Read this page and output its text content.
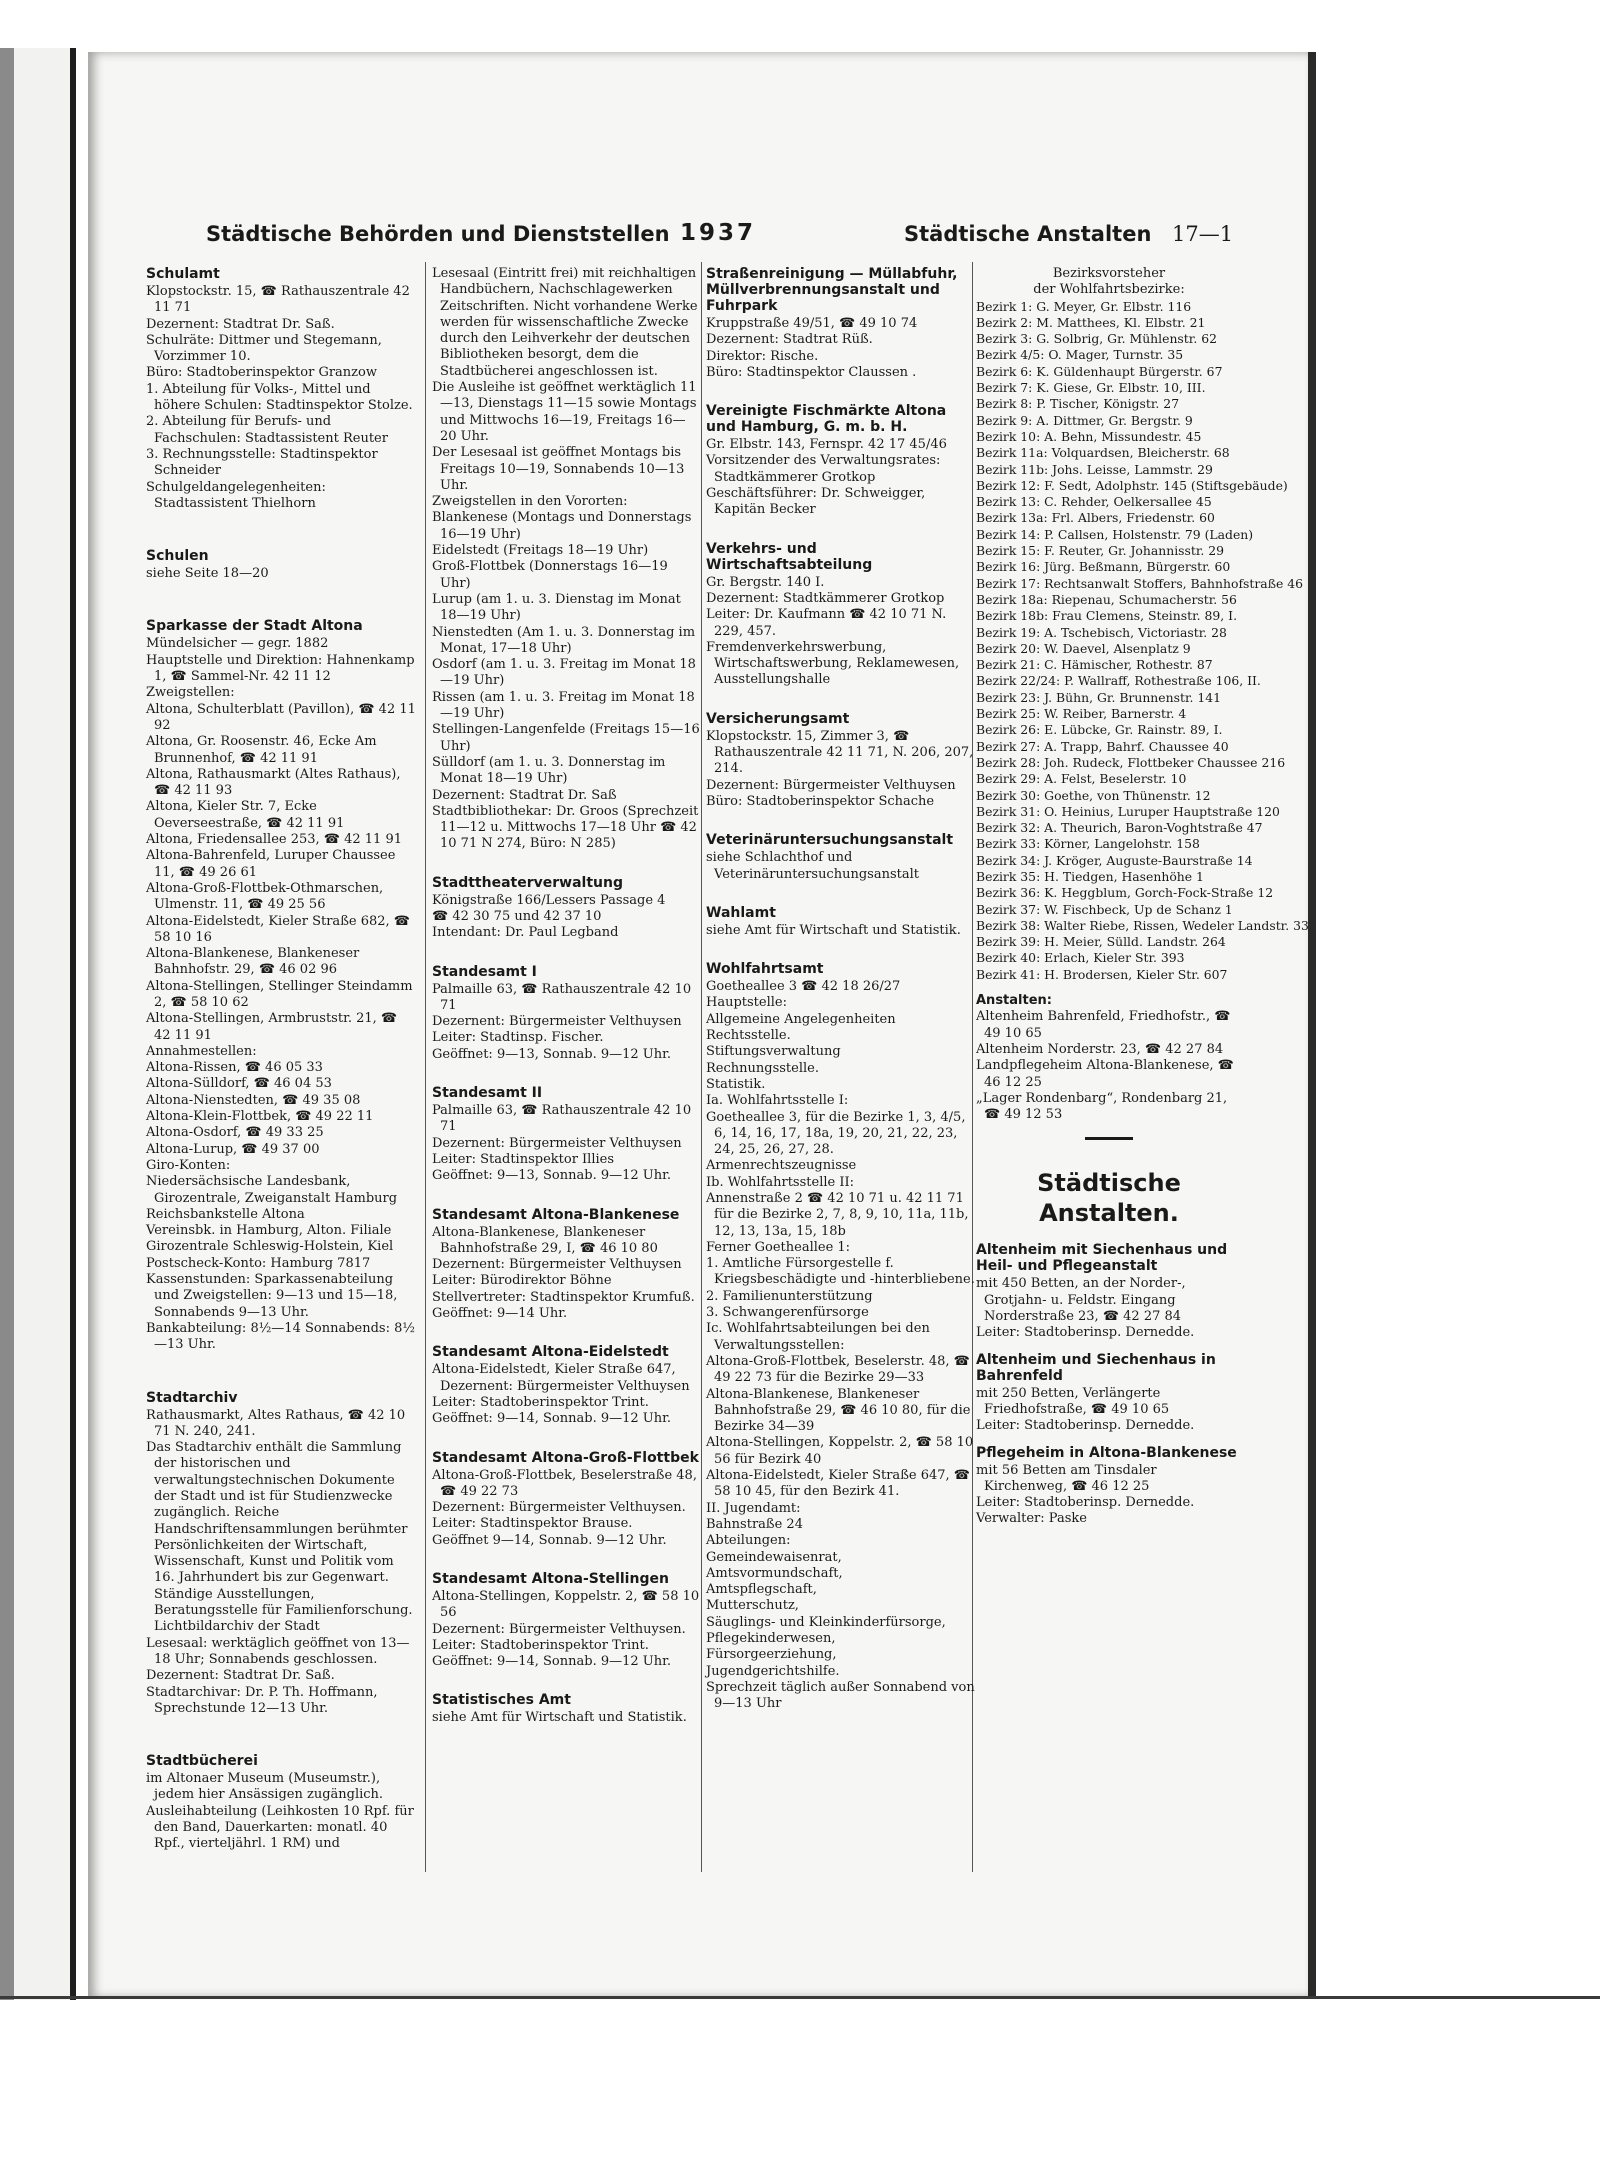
Städtische Behörden und Dienststellen 1937	Städtische Anstalten 17—1

Schulamt

Klopstockstr. 15, ☎ Rathauszentrale 42 11 71

Dezernent: Stadtrat Dr. Saß.

Schulräte: Dittmer und Stegemann, Vorzimmer 10.

Büro: Stadtoberinspektor Granzow

1. Abteilung für Volks-, Mittel und höhere Schulen: Stadtinspektor Stolze.

2. Abteilung für Berufs- und Fachschulen: Stadtassistent Reuter

3. Rechnungsstelle: Stadtinspektor Schneider

Schulgeldangelegenheiten: Stadtassistent Thielhorn

Schulen

siehe Seite 18—20

Sparkasse der Stadt Altona

Mündelsicher — gegr. 1882

Hauptstelle und Direktion: Hahnenkamp 1, ☎ Sammel-Nr. 42 11 12

Zweigstellen:

Altona, Schulterblatt (Pavillon), ☎ 42 11 92

Altona, Gr. Roosenstr. 46, Ecke Am Brunnenhof, ☎ 42 11 91

Altona, Rathausmarkt (Altes Rathaus), ☎ 42 11 93

Altona, Kieler Str. 7, Ecke Oeverseestraße, ☎ 42 11 91

Altona, Friedensallee 253, ☎ 42 11 91

Altona-Bahrenfeld, Luruper Chaussee 11, ☎ 49 26 61

Altona-Groß-Flottbek-Othmarschen, Ulmenstr. 11, ☎ 49 25 56

Altona-Eidelstedt, Kieler Straße 682, ☎ 58 10 16

Altona-Blankenese, Blankeneser Bahnhofstr. 29, ☎ 46 02 96

Altona-Stellingen, Stellinger Steindamm 2, ☎ 58 10 62

Altona-Stellingen, Armbruststr. 21, ☎ 42 11 91

Annahmestellen:

Altona-Rissen, ☎ 46 05 33

Altona-Sülldorf, ☎ 46 04 53

Altona-Nienstedten, ☎ 49 35 08

Altona-Klein-Flottbek, ☎ 49 22 11

Altona-Osdorf, ☎ 49 33 25

Altona-Lurup, ☎ 49 37 00

Giro-Konten:

Niedersächsische Landesbank, Girozentrale, Zweiganstalt Hamburg

Reichsbankstelle Altona

Vereinsbk. in Hamburg, Alton. Filiale

Girozentrale Schleswig-Holstein, Kiel

Postscheck-Konto: Hamburg 7817

Kassenstunden: Sparkassenabteilung und Zweigstellen: 9—13 und 15—18, Sonnabends 9—13 Uhr.

Bankabteilung: 8½—14 Sonnabends: 8½—13 Uhr.

Stadtarchiv

Rathausmarkt, Altes Rathaus, ☎ 42 10 71 N. 240, 241.

Das Stadtarchiv enthält die Sammlung der historischen und verwaltungstechnischen Dokumente der Stadt und ist für Studienzwecke zugänglich. Reiche Handschriftensammlungen berühmter Persönlichkeiten der Wirtschaft, Wissenschaft, Kunst und Politik vom 16. Jahrhundert bis zur Gegenwart. Ständige Ausstellungen, Beratungsstelle für Familienforschung. Lichtbildarchiv der Stadt

Lesesaal: werktäglich geöffnet von 13—18 Uhr; Sonnabends geschlossen.

Dezernent: Stadtrat Dr. Saß.

Stadtarchivar: Dr. P. Th. Hoffmann, Sprechstunde 12—13 Uhr.

Stadtbücherei

im Altonaer Museum (Museumstr.), jedem hier Ansässigen zugänglich.

Ausleihabteilung (Leihkosten 10 Rpf. für den Band, Dauerkarten: monatl. 40 Rpf., vierteljährl. 1 RM) und

Lesesaal (Eintritt frei) mit reichhaltigen Handbüchern, Nachschlagewerken Zeitschriften. Nicht vorhandene Werke werden für wissenschaftliche Zwecke durch den Leihverkehr der deutschen Bibliotheken besorgt, dem die Stadtbücherei angeschlossen ist.

Die Ausleihe ist geöffnet werktäglich 11—13, Dienstags 11—15 sowie Montags und Mittwochs 16—19, Freitags 16—20 Uhr.

Der Lesesaal ist geöffnet Montags bis Freitags 10—19, Sonnabends 10—13 Uhr.

Zweigstellen in den Vororten:

Blankenese (Montags und Donnerstags 16—19 Uhr)

Eidelstedt (Freitags 18—19 Uhr)

Groß-Flottbek (Donnerstags 16—19 Uhr)

Lurup (am 1. u. 3. Dienstag im Monat 18—19 Uhr)

Nienstedten (Am 1. u. 3. Donnerstag im Monat, 17—18 Uhr)

Osdorf (am 1. u. 3. Freitag im Monat 18—19 Uhr)

Rissen (am 1. u. 3. Freitag im Monat 18—19 Uhr)

Stellingen-Langenfelde (Freitags 15—16 Uhr)

Sülldorf (am 1. u. 3. Donnerstag im Monat 18—19 Uhr)

Dezernent: Stadtrat Dr. Saß

Stadtbibliothekar: Dr. Groos (Sprechzeit 11—12 u. Mittwochs 17—18 Uhr ☎ 42 10 71 N 274, Büro: N 285)

Stadttheaterverwaltung

Königstraße 166/Lessers Passage 4

☎ 42 30 75 und 42 37 10

Intendant: Dr. Paul Legband

Standesamt I

Palmaille 63, ☎ Rathauszentrale 42 10 71

Dezernent: Bürgermeister Velthuysen

Leiter: Stadtinsp. Fischer.

Geöffnet: 9—13, Sonnab. 9—12 Uhr.

Standesamt II

Palmaille 63, ☎ Rathauszentrale 42 10 71

Dezernent: Bürgermeister Velthuysen

Leiter: Stadtinspektor Illies

Geöffnet: 9—13, Sonnab. 9—12 Uhr.

Standesamt Altona-Blankenese

Altona-Blankenese, Blankeneser Bahnhofstraße 29, I, ☎ 46 10 80

Dezernent: Bürgermeister Velthuysen

Leiter: Bürodirektor Böhne

Stellvertreter: Stadtinspektor Krumfuß.

Geöffnet: 9—14 Uhr.

Standesamt Altona-Eidelstedt

Altona-Eidelstedt, Kieler Straße 647, Dezernent: Bürgermeister Velthuysen

Leiter: Stadtoberinspektor Trint.

Geöffnet: 9—14, Sonnab. 9—12 Uhr.

Standesamt Altona-Groß-Flottbek

Altona-Groß-Flottbek, Beselerstraße 48, ☎ 49 22 73

Dezernent: Bürgermeister Velthuysen.

Leiter: Stadtinspektor Brause.

Geöffnet 9—14, Sonnab. 9—12 Uhr.

Standesamt Altona-Stellingen

Altona-Stellingen, Koppelstr. 2, ☎ 58 10 56

Dezernent: Bürgermeister Velthuysen.

Leiter: Stadtoberinspektor Trint.

Geöffnet: 9—14, Sonnab. 9—12 Uhr.

Statistisches Amt

siehe Amt für Wirtschaft und Statistik.

Straßenreinigung — Müllabfuhr, Müllverbrennungsanstalt und Fuhrpark

Kruppstraße 49/51, ☎ 49 10 74

Dezernent: Stadtrat Rüß.

Direktor: Rische.

Büro: Stadtinspektor Claussen .

Vereinigte Fischmärkte Altona und Hamburg, G. m. b. H.

Gr. Elbstr. 143, Fernspr. 42 17 45/46

Vorsitzender des Verwaltungsrates: Stadtkämmerer Grotkop

Geschäftsführer: Dr. Schweigger, Kapitän Becker

Verkehrs- und Wirtschaftsabteilung

Gr. Bergstr. 140 I.

Dezernent: Stadtkämmerer Grotkop

Leiter: Dr. Kaufmann ☎ 42 10 71 N. 229, 457.

Fremdenverkehrswerbung, Wirtschaftswerbung, Reklamewesen, Ausstellungshalle

Versicherungsamt

Klopstockstr. 15, Zimmer 3, ☎ Rathauszentrale 42 11 71, N. 206, 207, 214.

Dezernent: Bürgermeister Velthuysen

Büro: Stadtoberinspektor Schache

Veterinäruntersuchungsanstalt

siehe Schlachthof und Veterinäruntersuchungsanstalt

Wahlamt

siehe Amt für Wirtschaft und Statistik.

Wohlfahrtsamt

Goetheallee 3 ☎ 42 18 26/27

Hauptstelle:

Allgemeine Angelegenheiten

Rechtsstelle.

Stiftungsverwaltung

Rechnungsstelle.

Statistik.

Ia. Wohlfahrtsstelle I:

Goetheallee 3, für die Bezirke 1, 3, 4/5, 6, 14, 16, 17, 18a, 19, 20, 21, 22, 23, 24, 25, 26, 27, 28.

Armenrechtszeugnisse

Ib. Wohlfahrtsstelle II:

Annenstraße 2 ☎ 42 10 71 u. 42 11 71 für die Bezirke 2, 7, 8, 9, 10, 11a, 11b, 12, 13, 13a, 15, 18b

Ferner Goetheallee 1:

1. Amtliche Fürsorgestelle f. Kriegsbeschädigte und -hinterbliebene.

2. Familienunterstützung

3. Schwangerenfürsorge

Ic. Wohlfahrtsabteilungen bei den Verwaltungsstellen:

Altona-Groß-Flottbek, Beselerstr. 48, ☎ 49 22 73 für die Bezirke 29—33

Altona-Blankenese, Blankeneser Bahnhofstraße 29, ☎ 46 10 80, für die Bezirke 34—39

Altona-Stellingen, Koppelstr. 2, ☎ 58 10 56 für Bezirk 40

Altona-Eidelstedt, Kieler Straße 647, ☎ 58 10 45, für den Bezirk 41.

II. Jugendamt:

Bahnstraße 24

Abteilungen:

Gemeindewaisenrat,

Amtsvormundschaft,

Amtspflegschaft,

Mutterschutz,

Säuglings- und Kleinkinderfürsorge,

Pflegekinderwesen,

Fürsorgeerziehung,

Jugendgerichtshilfe.

Sprechzeit täglich außer Sonnabend von 9—13 Uhr

Bezirksvorsteher

der Wohlfahrtsbezirke:

Bezirk 1: G. Meyer, Gr. Elbstr. 116

Bezirk 2: M. Matthees, Kl. Elbstr. 21

Bezirk 3: G. Solbrig, Gr. Mühlenstr. 62

Bezirk 4/5: O. Mager, Turnstr. 35

Bezirk 6: K. Güldenhaupt Bürgerstr. 67

Bezirk 7: K. Giese, Gr. Elbstr. 10, III.

Bezirk 8: P. Tischer, Königstr. 27

Bezirk 9: A. Dittmer, Gr. Bergstr. 9

Bezirk 10: A. Behn, Missundestr. 45

Bezirk 11a: Volquardsen, Bleicherstr. 68

Bezirk 11b: Johs. Leisse, Lammstr. 29

Bezirk 12: F. Sedt, Adolphstr. 145 (Stiftsgebäude)

Bezirk 13: C. Rehder, Oelkersallee 45

Bezirk 13a: Frl. Albers, Friedenstr. 60

Bezirk 14: P. Callsen, Holstenstr. 79 (Laden)

Bezirk 15: F. Reuter, Gr. Johannisstr. 29

Bezirk 16: Jürg. Beßmann, Bürgerstr. 60

Bezirk 17: Rechtsanwalt Stoffers, Bahnhofstraße 46

Bezirk 18a: Riepenau, Schumacherstr. 56

Bezirk 18b: Frau Clemens, Steinstr. 89, I.

Bezirk 19: A. Tschebisch, Victoriastr. 28

Bezirk 20: W. Daevel, Alsenplatz 9

Bezirk 21: C. Hämischer, Rothestr. 87

Bezirk 22/24: P. Wallraff, Rothestraße 106, II.

Bezirk 23: J. Bühn, Gr. Brunnenstr. 141

Bezirk 25: W. Reiber, Barnerstr. 4

Bezirk 26: E. Lübcke, Gr. Rainstr. 89, I.

Bezirk 27: A. Trapp, Bahrf. Chaussee 40

Bezirk 28: Joh. Rudeck, Flottbeker Chaussee 216

Bezirk 29: A. Felst, Beselerstr. 10

Bezirk 30: Goethe, von Thünenstr. 12

Bezirk 31: O. Heinius, Luruper Hauptstraße 120

Bezirk 32: A. Theurich, Baron-Voghtstraße 47

Bezirk 33: Körner, Langelohstr. 158

Bezirk 34: J. Kröger, Auguste-Baurstraße 14

Bezirk 35: H. Tiedgen, Hasenhöhe 1

Bezirk 36: K. Heggblum, Gorch-Fock-Straße 12

Bezirk 37: W. Fischbeck, Up de Schanz 1

Bezirk 38: Walter Riebe, Rissen, Wedeler Landstr. 33

Bezirk 39: H. Meier, Sülld. Landstr. 264

Bezirk 40: Erlach, Kieler Str. 393

Bezirk 41: H. Brodersen, Kieler Str. 607

Anstalten:

Altenheim Bahrenfeld, Friedhofstr., ☎ 49 10 65

Altenheim Norderstr. 23, ☎ 42 27 84

Landpflegeheim Altona-Blankenese, ☎ 46 12 25

„Lager Rondenbarg“, Rondenbarg 21, ☎ 49 12 53

Städtische Anstalten.

Altenheim mit Siechenhaus und Heil- und Pflegeanstalt

mit 450 Betten, an der Norder-, Grotjahn- u. Feldstr. Eingang Norderstraße 23, ☎ 42 27 84

Leiter: Stadtoberinsp. Dernedde.

Altenheim und Siechenhaus in Bahrenfeld

mit 250 Betten, Verlängerte Friedhofstraße, ☎ 49 10 65

Leiter: Stadtoberinsp. Dernedde.

Pflegeheim in Altona-Blankenese

mit 56 Betten am Tinsdaler Kirchenweg, ☎ 46 12 25

Leiter: Stadtoberinsp. Dernedde.

Verwalter: Paske
